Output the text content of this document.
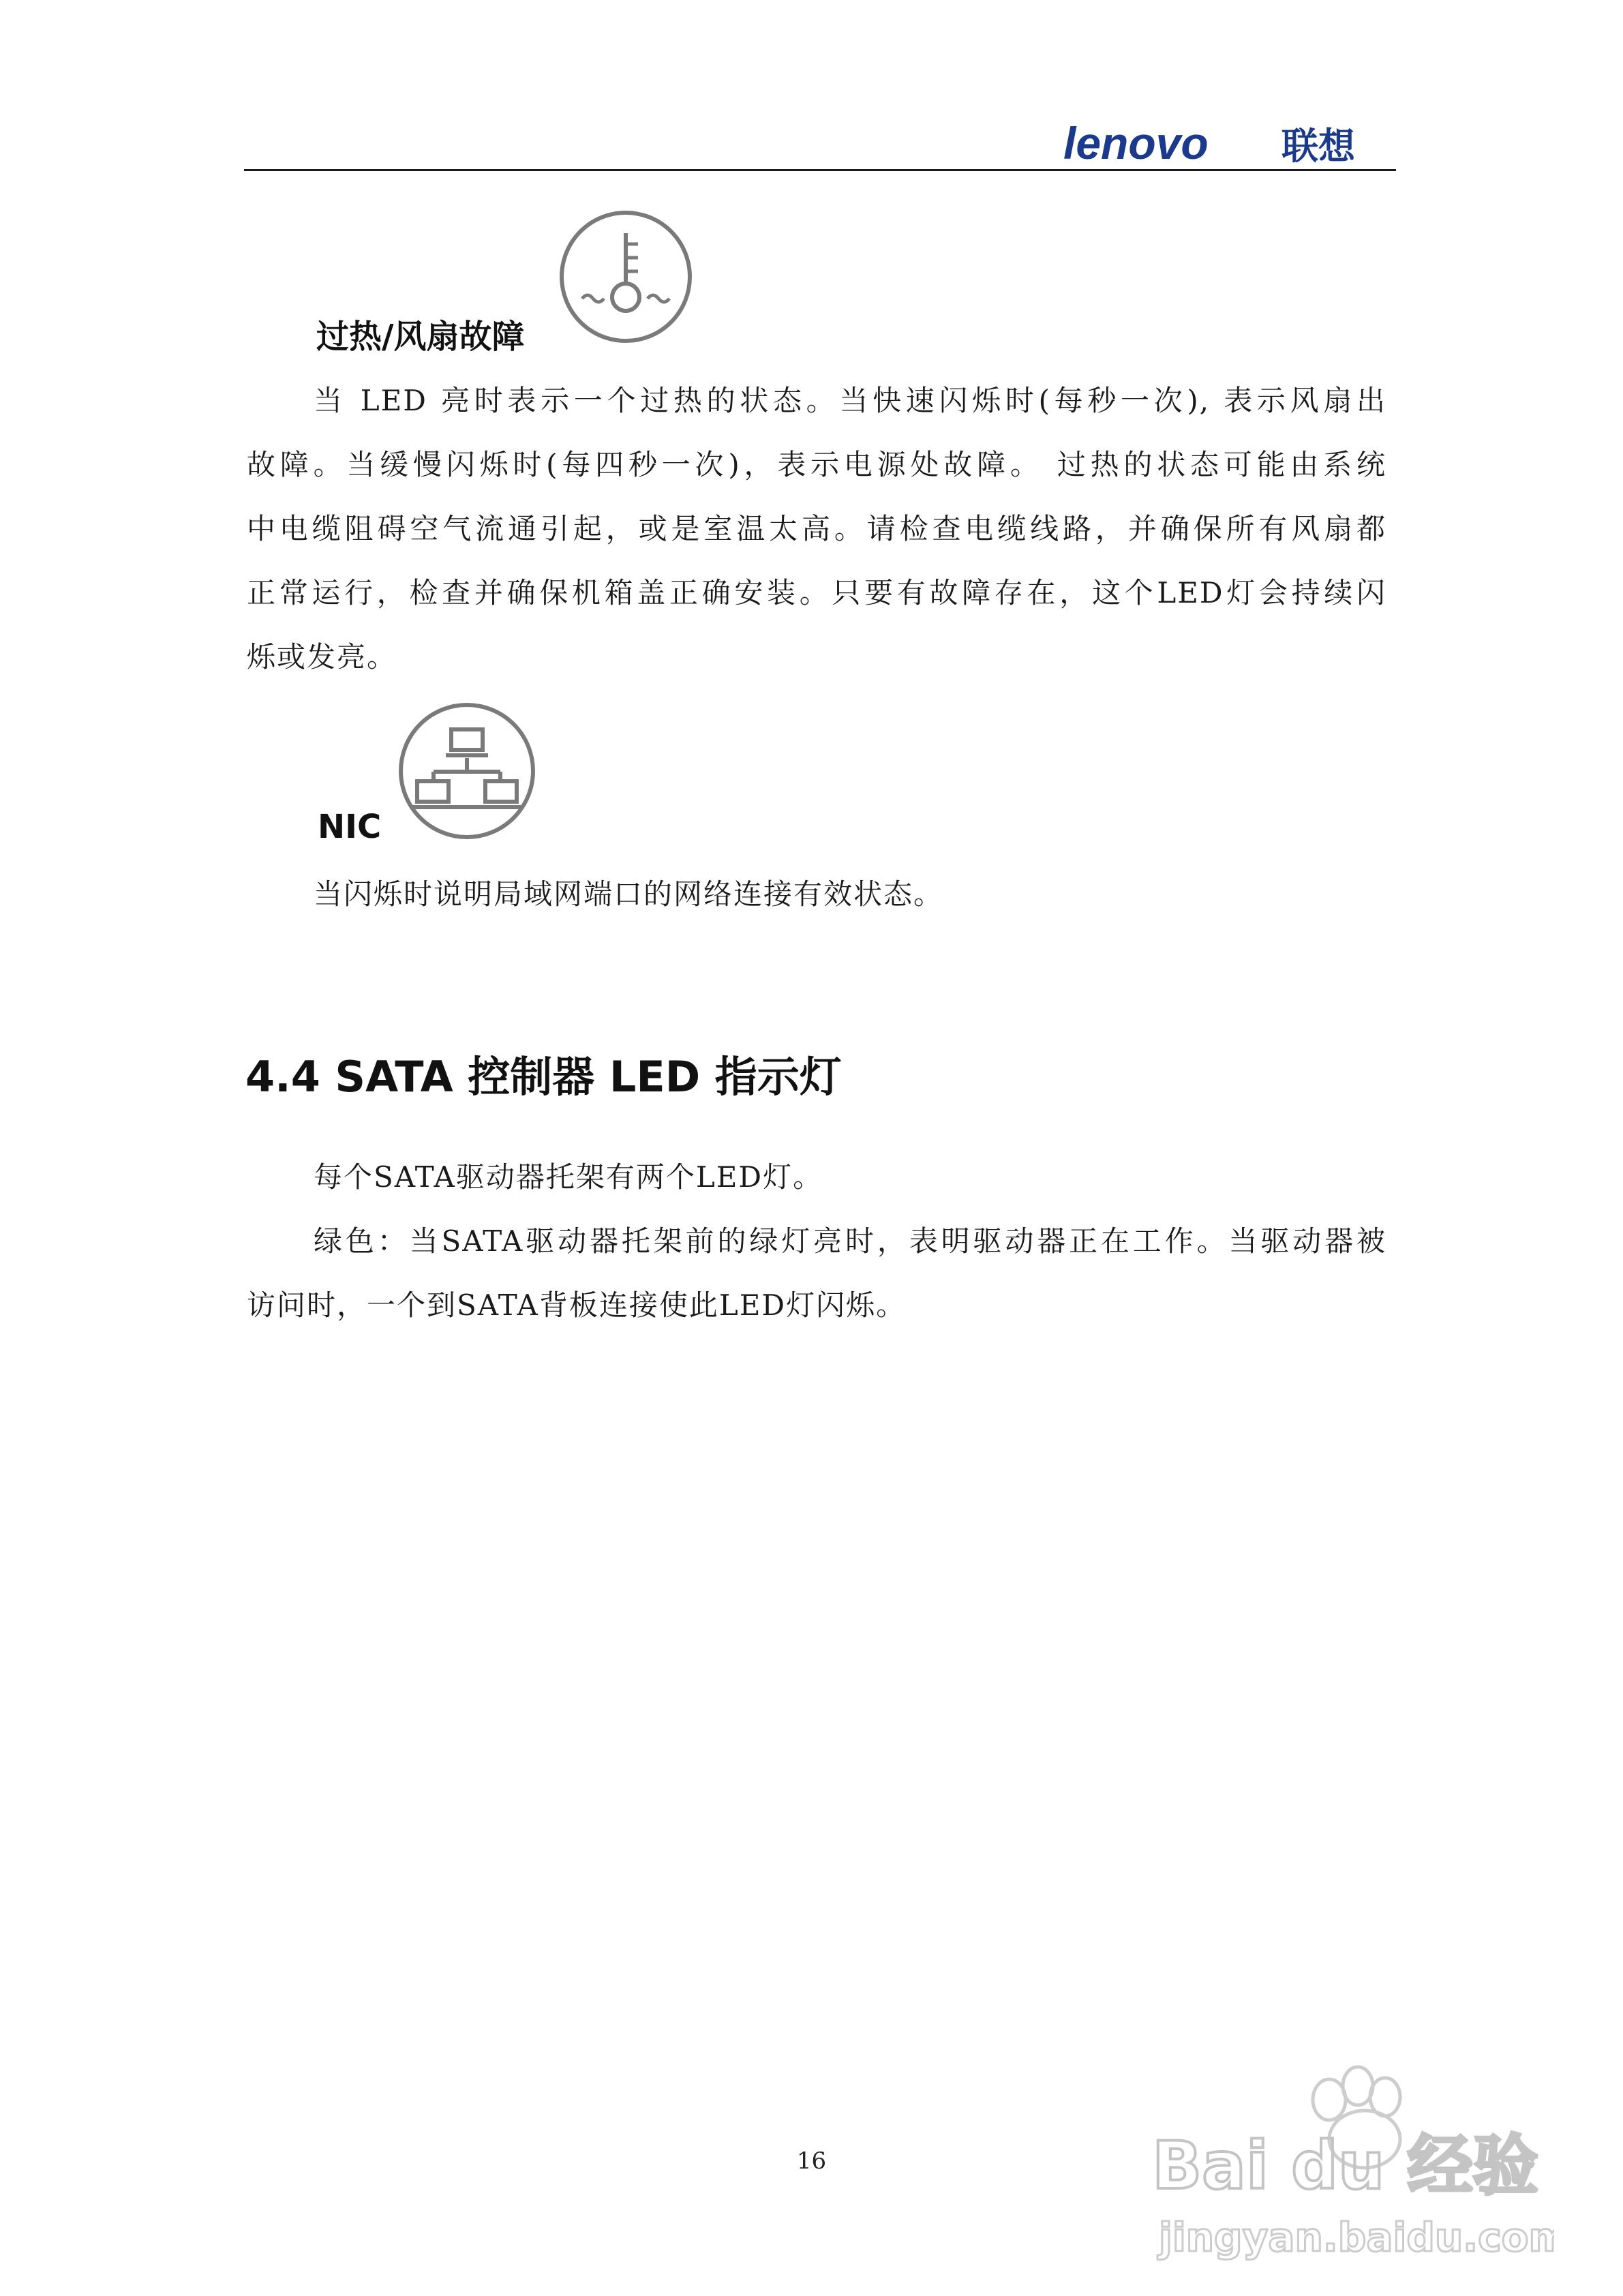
lenovo 联想
过热/风扇故障
当 LED 亮时表示一个过热的状态。当快速闪烁时(每秒一次), 表示风扇出
故障。当缓慢闪烁时(每四秒一次)，表示电源处故障。 过热的状态可能由系统
中电缆阻碍空气流通引起，或是室温太高。请检查电缆线路，并确保所有风扇都
正常运行，检查并确保机箱盖正确安装。只要有故障存在，这个LED灯会持续闪
烁或发亮。
NIC
当闪烁时说明局域网端口的网络连接有效状态。
4.4 SATA 控制器 LED 指示灯
每个SATA驱动器托架有两个LED灯。
绿色：当SATA驱动器托架前的绿灯亮时，表明驱动器正在工作。当驱动器被
访问时，一个到SATA背板连接使此LED灯闪烁。
16	Bai du 经验
jingyan.baidu.com
